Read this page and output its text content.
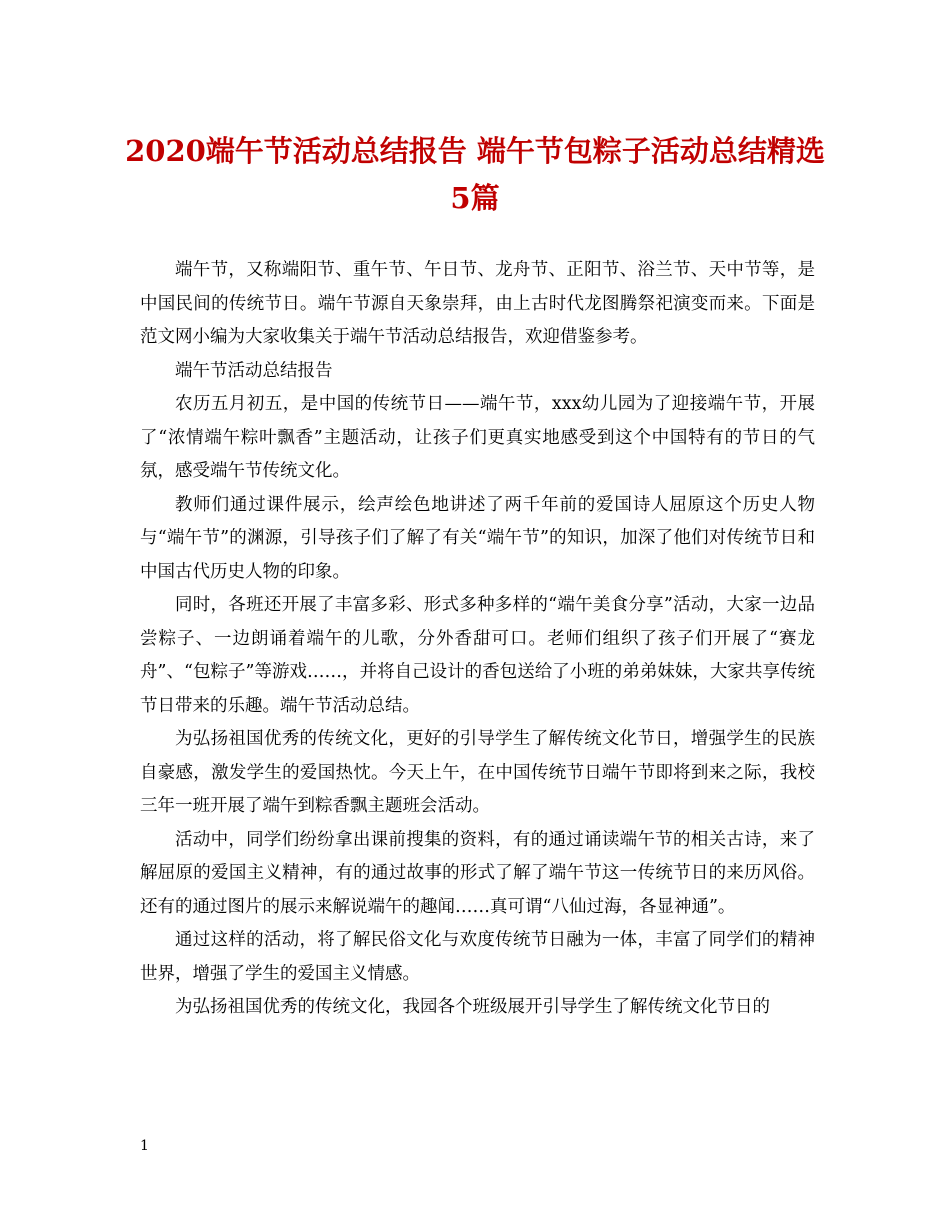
2020端午节活动总结报告 端午节包粽子活动总结精选
5篇

端午节，又称端阳节、重午节、午日节、龙舟节、正阳节、浴兰节、天中节等，是中国民间的传统节日。端午节源自天象崇拜，由上古时代龙图腾祭祀演变而来。下面是范文网小编为大家收集关于端午节活动总结报告，欢迎借鉴参考。

端午节活动总结报告

农历五月初五，是中国的传统节日——端午节，xxx幼儿园为了迎接端午节，开展了“浓情端午粽叶飘香”主题活动，让孩子们更真实地感受到这个中国特有的节日的气氛，感受端午节传统文化。

教师们通过课件展示，绘声绘色地讲述了两千年前的爱国诗人屈原这个历史人物与“端午节”的渊源，引导孩子们了解了有关“端午节”的知识，加深了他们对传统节日和中国古代历史人物的印象。

同时，各班还开展了丰富多彩、形式多种多样的“端午美食分享”活动，大家一边品尝粽子、一边朗诵着端午的儿歌，分外香甜可口。老师们组织了孩子们开展了“赛龙舟”、“包粽子”等游戏……，并将自己设计的香包送给了小班的弟弟妹妹，大家共享传统节日带来的乐趣。端午节活动总结。

为弘扬祖国优秀的传统文化，更好的引导学生了解传统文化节日，增强学生的民族自豪感，激发学生的爱国热忱。今天上午，在中国传统节日端午节即将到来之际，我校三年一班开展了端午到粽香飘主题班会活动。

活动中，同学们纷纷拿出课前搜集的资料，有的通过诵读端午节的相关古诗，来了解屈原的爱国主义精神，有的通过故事的形式了解了端午节这一传统节日的来历风俗。还有的通过图片的展示来解说端午的趣闻……真可谓“八仙过海，各显神通”。

通过这样的活动，将了解民俗文化与欢度传统节日融为一体，丰富了同学们的精神世界，增强了学生的爱国主义情感。

为弘扬祖国优秀的传统文化，我园各个班级展开引导学生了解传统文化节日的

1
